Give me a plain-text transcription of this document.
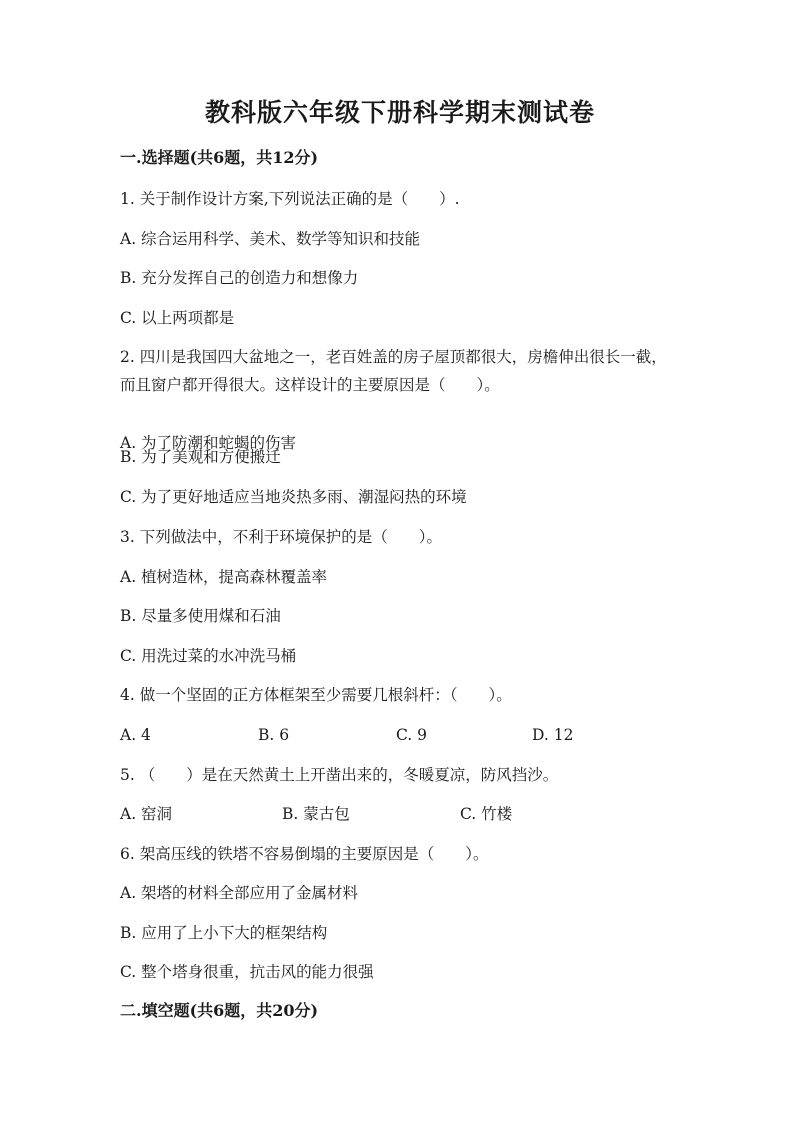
教科版六年级下册科学期末测试卷
一.选择题(共6题，共12分)
1. 关于制作设计方案,下列说法正确的是（　　）.
A. 综合运用科学、美术、数学等知识和技能
B. 充分发挥自己的创造力和想像力
C. 以上两项都是
2. 四川是我国四大盆地之一，老百姓盖的房子屋顶都很大，房檐伸出很长一截，而且窗户都开得很大。这样设计的主要原因是（　　）。
A. 为了防潮和蛇蝎的伤害
B. 为了美观和方便搬迁
C. 为了更好地适应当地炎热多雨、潮湿闷热的环境
3. 下列做法中，不利于环境保护的是（　　）。
A. 植树造林，提高森林覆盖率
B. 尽量多使用煤和石油
C. 用洗过菜的水冲洗马桶
4. 做一个坚固的正方体框架至少需要几根斜杆：（　　）。
A. 4	B. 6	C. 9	D. 12
5. （　　）是在天然黄土上开凿出来的，冬暖夏凉，防风挡沙。
A. 窑洞	B. 蒙古包	C. 竹楼
6. 架高压线的铁塔不容易倒塌的主要原因是（　　）。
A. 架塔的材料全部应用了金属材料
B. 应用了上小下大的框架结构
C. 整个塔身很重，抗击风的能力很强
二.填空题(共6题，共20分)
